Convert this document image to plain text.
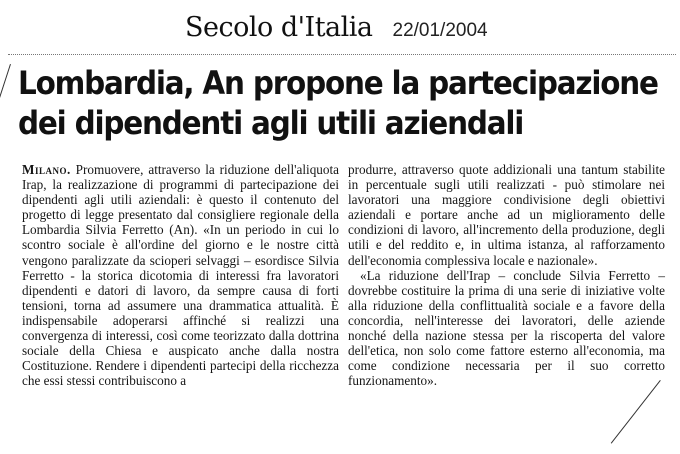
Secolo d'Italia 22/01/2004
Lombardia, An propone la partecipazione
dei dipendenti agli utili aziendali

Milano. Promuovere, attraverso la riduzione dell'aliquota Irap, la realizzazione di programmi di partecipazione dei dipendenti agli utili aziendali: è questo il contenuto del progetto di legge presentato dal consigliere regionale della Lombardia Silvia Ferretto (An). «In un periodo in cui lo scontro sociale è all'ordine del giorno e le nostre città vengono paralizzate da scioperi selvaggi – esordisce Silvia Ferretto - la storica dicotomia di interessi fra lavoratori dipendenti e datori di lavoro, da sempre causa di forti tensioni, torna ad assumere una drammatica attualità. È indispensabile adoperarsi affinché si realizzi una convergenza di interessi, così come teorizzato dalla dottrina sociale della Chiesa e auspicato anche dalla nostra Costituzione. Rendere i dipendenti partecipi della ricchezza che essi stessi contribuiscono a

produrre, attraverso quote addizionali una tantum stabilite in percentuale sugli utili realizzati - può stimolare nei lavoratori una maggiore condivisione degli obiettivi aziendali e portare anche ad un miglioramento delle condizioni di lavoro, all'incremento della produzione, degli utili e del reddito e, in ultima istanza, al rafforzamento dell'economia complessiva locale e nazionale».

«La riduzione dell'Irap – conclude Silvia Ferretto – dovrebbe costituire la prima di una serie di iniziative volte alla riduzione della conflittualità sociale e a favore della concordia, nell'interesse dei lavoratori, delle aziende nonché della nazione stessa per la riscoperta del valore dell'etica, non solo come fattore esterno all'economia, ma come condizione necessaria per il suo corretto funzionamento».
